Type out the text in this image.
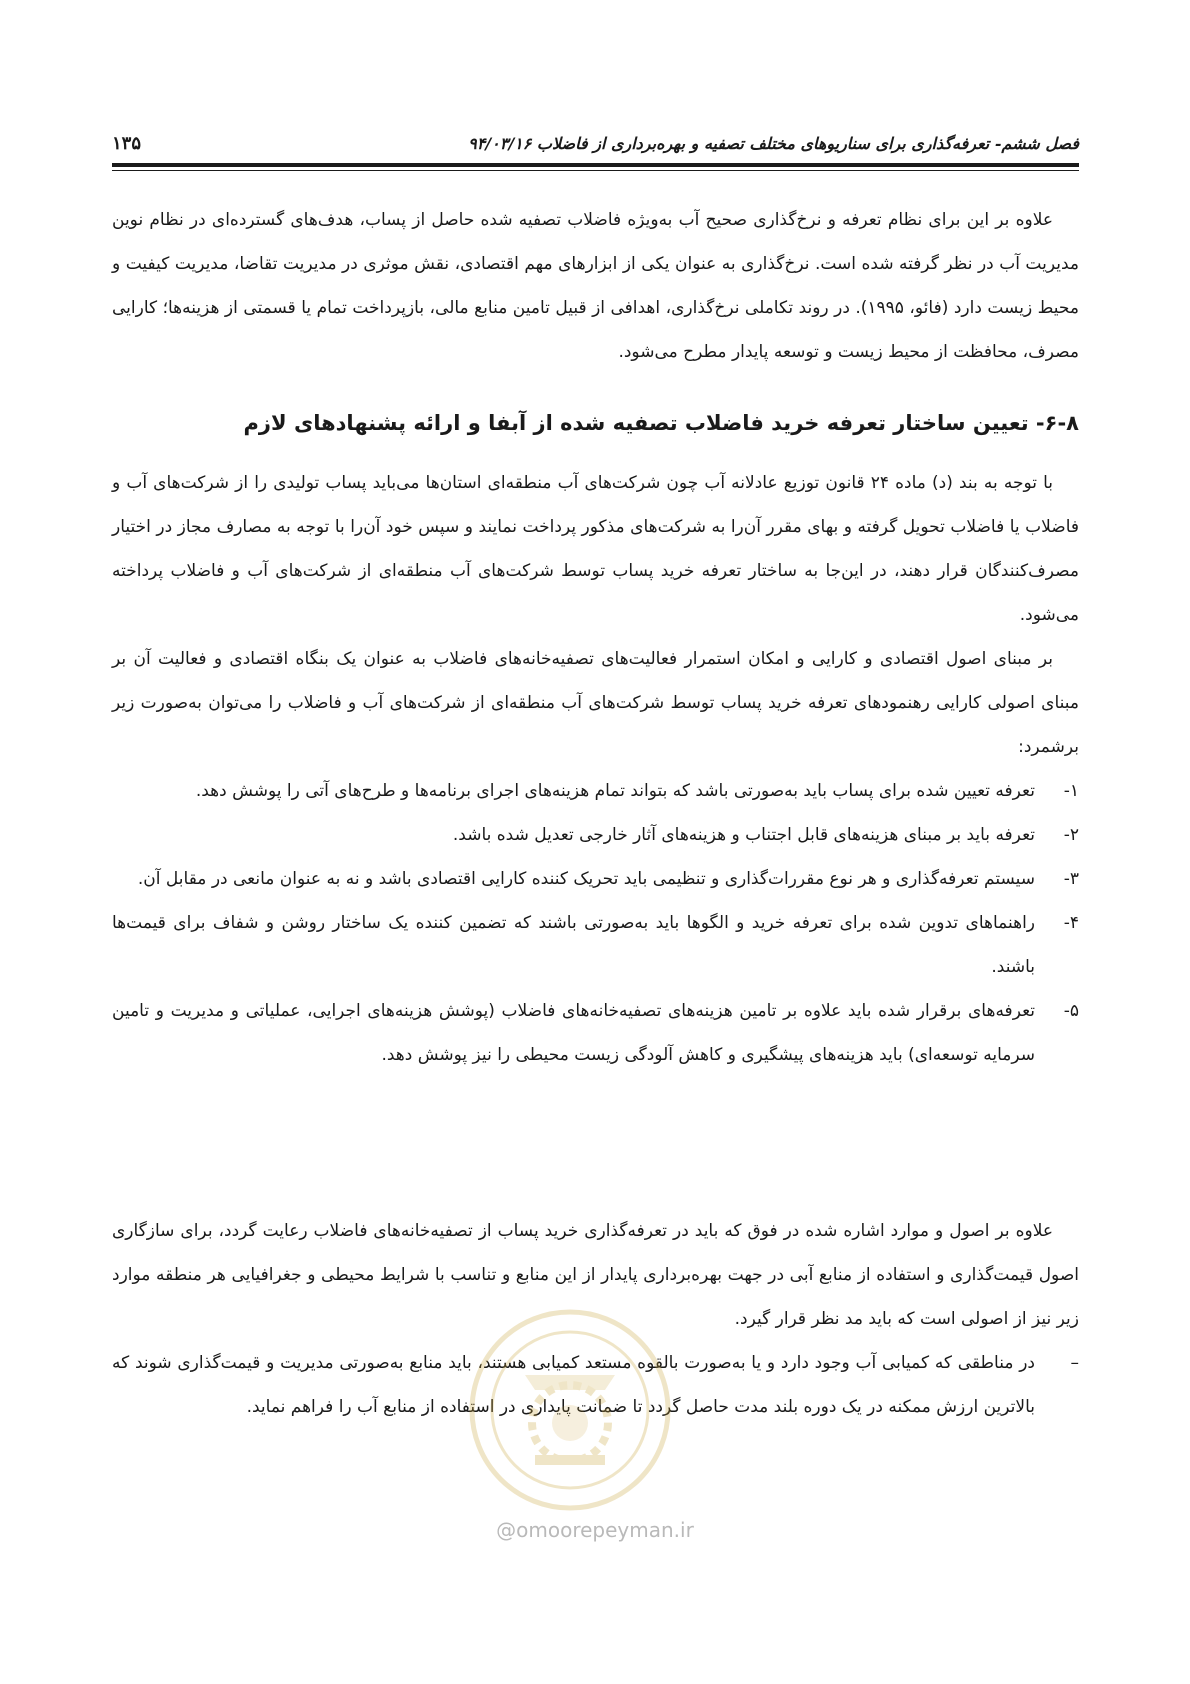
۱۳۵	فصل ششم- تعرفه‌گذاری برای سناریوهای مختلف تصفیه و بهره‌برداری از فاضلاب ۹۴/۰۳/۱۶

علاوه بر این برای نظام تعرفه و نرخ‌گذاری صحیح آب به‌ویژه فاضلاب تصفیه شده حاصل از پساب، هدف‌های گسترده‌ای در نظام نوین مدیریت آب در نظر گرفته شده است. نرخ‌گذاری به عنوان یکی از ابزارهای مهم اقتصادی، نقش موثری در مدیریت تقاضا، مدیریت کیفیت و محیط زیست دارد (فائو، ۱۹۹۵). در روند تکاملی نرخ‌گذاری، اهدافی از قبیل تامین منابع مالی، بازپرداخت تمام یا قسمتی از هزینه‌ها؛ کارایی مصرف، محافظت از محیط زیست و توسعه پایدار مطرح می‌شود.

۶-۸- تعیین ساختار تعرفه خرید فاضلاب تصفیه شده از آبفا و ارائه پشنهادهای لازم

با توجه به بند (د) ماده ۲۴ قانون توزیع عادلانه آب چون شرکت‌های آب منطقه‌ای استان‌ها می‌باید پساب تولیدی را از شرکت‌های آب و فاضلاب یا فاضلاب تحویل گرفته و بهای مقرر آن‌را به شرکت‌های مذکور پرداخت نمایند و سپس خود آن‌را با توجه به مصارف مجاز در اختیار مصرف‌کنندگان قرار دهند، در این‌جا به ساختار تعرفه خرید پساب توسط شرکت‌های آب منطقه‌ای از شرکت‌های آب و فاضلاب پرداخته می‌شود.

بر مبنای اصول اقتصادی و کارایی و امکان استمرار فعالیت‌های تصفیه‌خانه‌های فاضلاب به عنوان یک بنگاه اقتصادی و فعالیت آن بر مبنای اصولی کارایی رهنمودهای تعرفه خرید پساب توسط شرکت‌های آب منطقه‌ای از شرکت‌های آب و فاضلاب را می‌توان به‌صورت زیر برشمرد:

۱-
تعرفه تعیین شده برای پساب باید به‌صورتی باشد که بتواند تمام هزینه‌های اجرای برنامه‌ها و طرح‌های آتی را پوشش دهد.
۲-
تعرفه باید بر مبنای هزینه‌های قابل اجتناب و هزینه‌های آثار خارجی تعدیل شده باشد.
۳-
سیستم تعرفه‌گذاری و هر نوع مقررات‌گذاری و تنظیمی باید تحریک کننده کارایی اقتصادی باشد و نه به عنوان مانعی در مقابل آن.
۴-
راهنماهای تدوین شده برای تعرفه خرید و الگوها باید به‌صورتی باشند که تضمین کننده یک ساختار روشن و شفاف برای قیمت‌ها باشند.
۵-
تعرفه‌های برقرار شده باید علاوه بر تامین هزینه‌های تصفیه‌خانه‌های فاضلاب (پوشش هزینه‌های اجرایی، عملیاتی و مدیریت و تامین سرمایه توسعه‌ای) باید هزینه‌های پیشگیری و کاهش آلودگی زیست محیطی را نیز پوشش دهد.

علاوه بر اصول و موارد اشاره شده در فوق که باید در تعرفه‌گذاری خرید پساب از تصفیه‌خانه‌های فاضلاب رعایت گردد، برای سازگاری اصول قیمت‌گذاری و استفاده از منابع آبی در جهت بهره‌برداری پایدار از این منابع و تناسب با شرایط محیطی و جغرافیایی هر منطقه موارد زیر نیز از اصولی است که باید مد نظر قرار گیرد.

–
در مناطقی که کمیابی آب وجود دارد و یا به‌صورت بالقوه مستعد کمیابی هستند، باید منابع به‌صورتی مدیریت و قیمت‌گذاری شوند که بالاترین ارزش ممکنه در یک دوره بلند مدت حاصل گردد تا ضمانت پایداری در استفاده از منابع آب را فراهم نماید.
@omoorepeyman.ir
